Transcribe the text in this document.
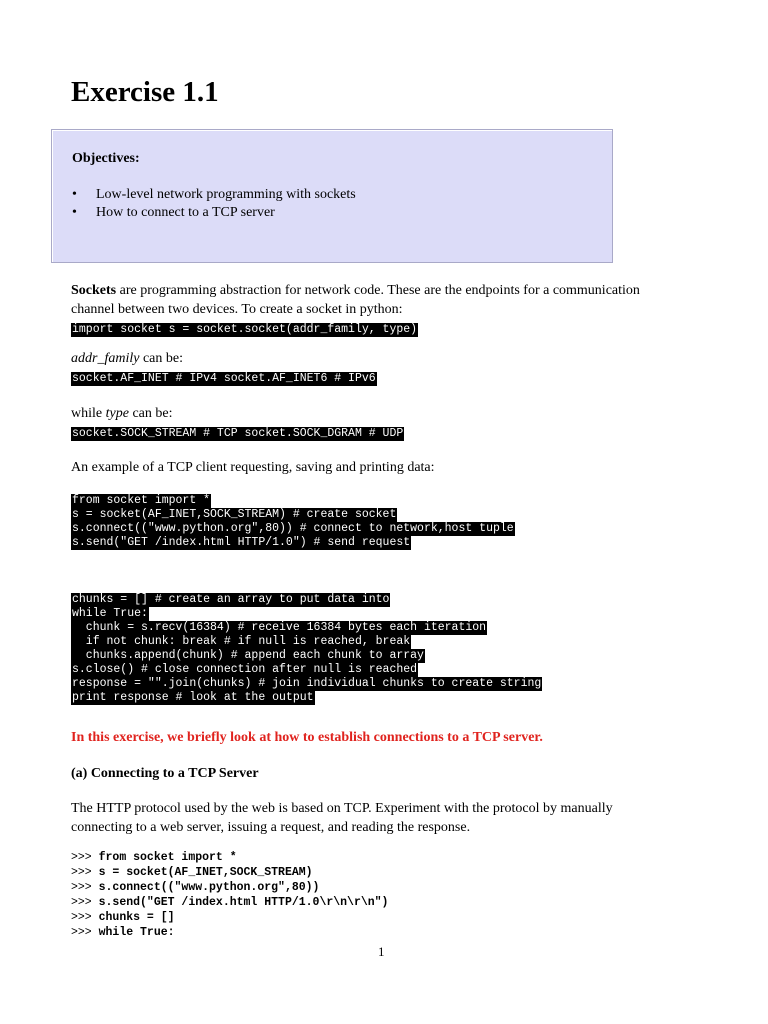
Exercise 1.1
Objectives:
• Low-level network programming with sockets
• How to connect to a TCP server

Sockets are programming abstraction for network code. These are the endpoints for a communication
channel between two devices. To create a socket in python:
import socket s = socket.socket(addr_family, type)

addr_family can be:
socket.AF_INET # IPv4 socket.AF_INET6 # IPv6

while type can be:
socket.SOCK_STREAM # TCP socket.SOCK_DGRAM # UDP

An example of a TCP client requesting, saving and printing data:

from socket import *
s = socket(AF_INET,SOCK_STREAM) # create socket
s.connect(("www.python.org",80)) # connect to network,host tuple
s.send("GET /index.html HTTP/1.0") # send request
chunks = [] # create an array to put data into
while True:
chunk = s.recv(16384) # receive 16384 bytes each iteration
if not chunk: break # if null is reached, break
chunks.append(chunk) # append each chunk to array
s.close() # close connection after null is reached
response = "".join(chunks) # join individual chunks to create string
print response # look at the output

In this exercise, we briefly look at how to establish connections to a TCP server.

(a) Connecting to a TCP Server

The HTTP protocol used by the web is based on TCP. Experiment with the protocol by manually
connecting to a web server, issuing a request, and reading the response.

>>> from socket import *
>>> s = socket(AF_INET,SOCK_STREAM)
>>> s.connect(("www.python.org",80))
>>> s.send("GET /index.html HTTP/1.0\r\n\r\n")
>>> chunks = []
>>> while True:
1
